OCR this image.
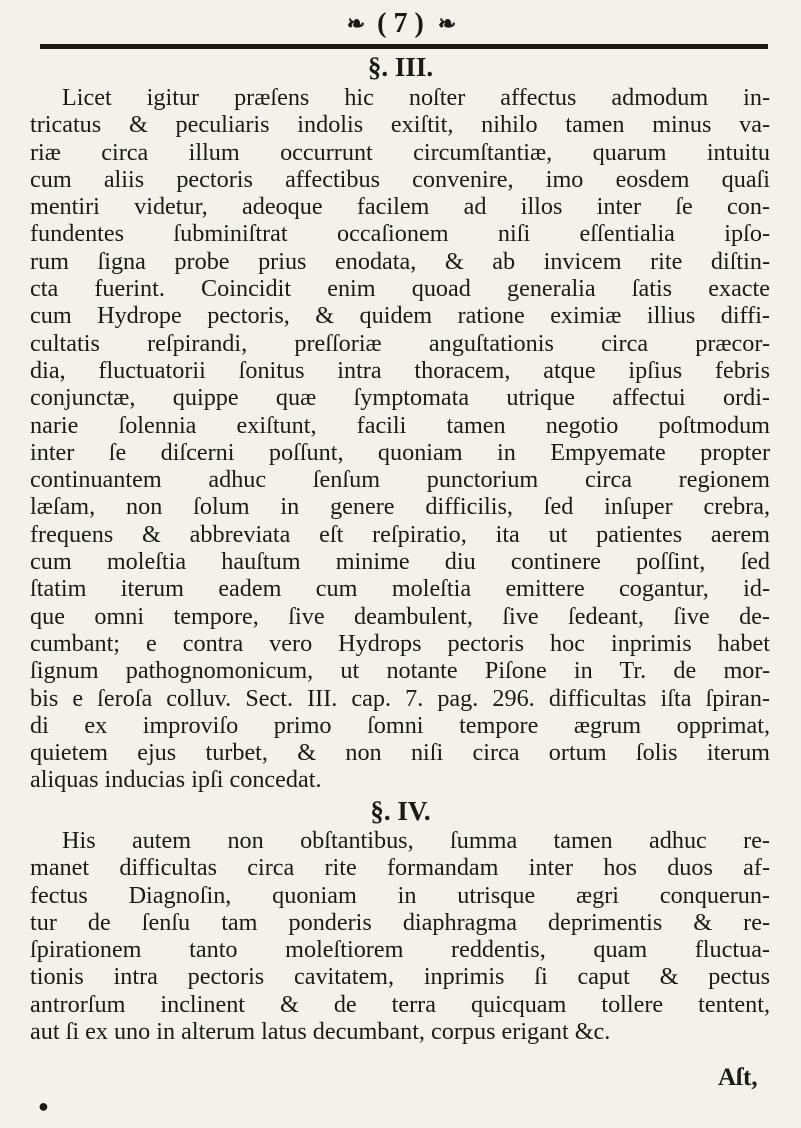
❧ ( 7 ) ❧
§. III.
Licet igitur præſens hic noſter affectus admodum in-
tricatus & peculiaris indolis exiſtit, nihilo tamen minus va-
riæ circa illum occurrunt circumſtantiæ, quarum intuitu
cum aliis pectoris affectibus convenire, imo eosdem quaſi
mentiri videtur, adeoque facilem ad illos inter ſe con-
fundentes ſubminiſtrat occaſionem niſi eſſentialia ipſo-
rum ſigna probe prius enodata, & ab invicem rite diſtin-
cta fuerint. Coincidit enim quoad generalia ſatis exacte
cum Hydrope pectoris, & quidem ratione eximiæ illius diffi-
cultatis reſpirandi, preſſoriæ anguſtationis circa præcor-
dia, fluctuatorii ſonitus intra thoracem, atque ipſius febris
conjunctæ, quippe quæ ſymptomata utrique affectui ordi-
narie ſolennia exiſtunt, facili tamen negotio poſtmodum
inter ſe diſcerni poſſunt, quoniam in Empyemate propter
continuantem adhuc ſenſum punctorium circa regionem
læſam, non ſolum in genere difficilis, ſed inſuper crebra,
frequens & abbreviata eſt reſpiratio, ita ut patientes aerem
cum moleſtia hauſtum minime diu continere poſſint, ſed
ſtatim iterum eadem cum moleſtia emittere cogantur, id-
que omni tempore, ſive deambulent, ſive ſedeant, ſive de-
cumbant; e contra vero Hydrops pectoris hoc inprimis habet
ſignum pathognomonicum, ut notante Piſone in Tr. de mor-
bis e ſeroſa colluv. Sect. III. cap. 7. pag. 296. difficultas iſta ſpiran-
di ex improviſo primo ſomni tempore ægrum opprimat,
quietem ejus turbet, & non niſi circa ortum ſolis iterum
aliquas inducias ipſi concedat.
§. IV.
His autem non obſtantibus, ſumma tamen adhuc re-
manet difficultas circa rite formandam inter hos duos af-
fectus Diagnoſin, quoniam in utrisque ægri conquerun-
tur de ſenſu tam ponderis diaphragma deprimentis & re-
ſpirationem tanto moleſtiorem reddentis, quam fluctua-
tionis intra pectoris cavitatem, inprimis ſi caput & pectus
antrorſum inclinent & de terra quicquam tollere tentent,
aut ſi ex uno in alterum latus decumbant, corpus erigant &c.
Aſt,
●
